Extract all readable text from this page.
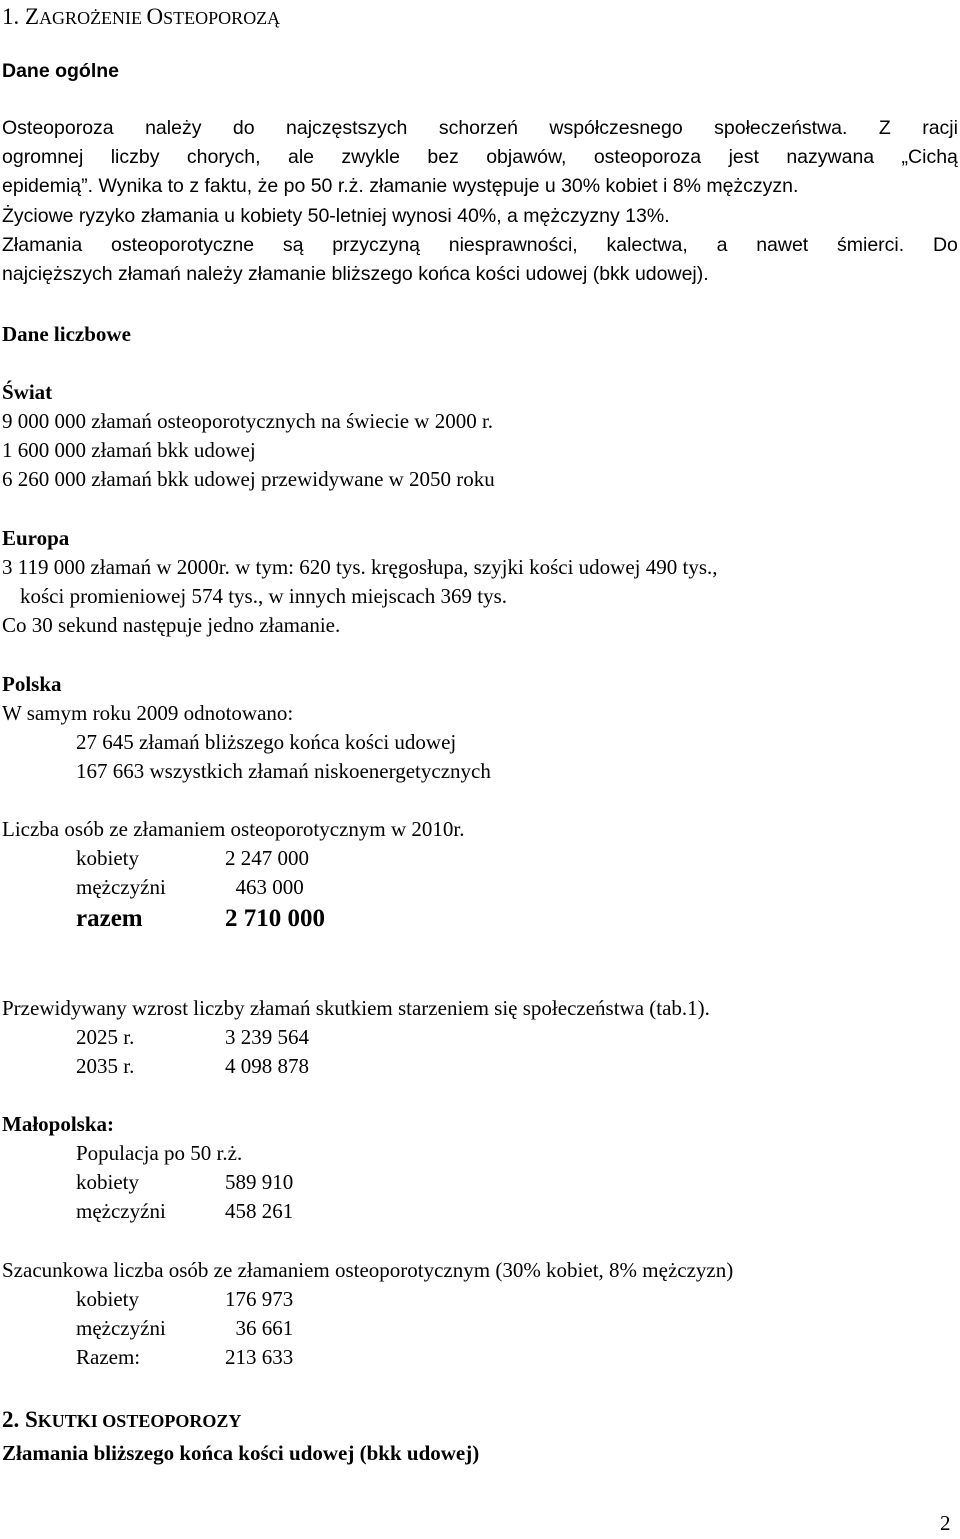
1. ZAGROŻENIE OSTEOPOROZĄ
Dane ogólne
Osteoporoza należy do najczęstszych schorzeń współczesnego społeczeństwa. Z racji
ogromnej liczby chorych, ale zwykle bez objawów, osteoporoza jest nazywana „Cichą
epidemią”. Wynika to z faktu, że po 50 r.ż. złamanie występuje u 30% kobiet i 8% mężczyzn.
Życiowe ryzyko złamania u kobiety 50-letniej wynosi 40%, a mężczyzny 13%.
Złamania osteoporotyczne są przyczyną niesprawności, kalectwa, a nawet śmierci. Do
najcięższych złamań należy złamanie bliższego końca kości udowej (bkk udowej).
Dane liczbowe
Świat
9 000 000 złamań osteoporotycznych na świecie w 2000 r.
1 600 000 złamań bkk udowej
6 260 000 złamań bkk udowej przewidywane w 2050 roku
Europa
3 119 000 złamań w 2000r. w tym: 620 tys. kręgosłupa, szyjki kości udowej 490 tys.,
kości promieniowej 574 tys., w innych miejscach 369 tys.
Co 30 sekund następuje jedno złamanie.
Polska
W samym roku 2009 odnotowano:
27 645 złamań bliższego końca kości udowej
167 663 wszystkich złamań niskoenergetycznych
Liczba osób ze złamaniem osteoporotycznym w 2010r.
kobiety	2 247 000
mężczyźni	463 000
razem	2 710 000
Przewidywany wzrost liczby złamań skutkiem starzeniem się społeczeństwa (tab.1).
2025 r.	3 239 564
2035 r.	4 098 878
Małopolska:
Populacja po 50 r.ż.
kobiety	589 910
mężczyźni	458 261
Szacunkowa liczba osób ze złamaniem osteoporotycznym (30% kobiet, 8% mężczyzn)
kobiety	176 973
mężczyźni	36 661
Razem:	213 633
2. SKUTKI OSTEOPOROZY
Złamania bliższego końca kości udowej (bkk udowej)
2
